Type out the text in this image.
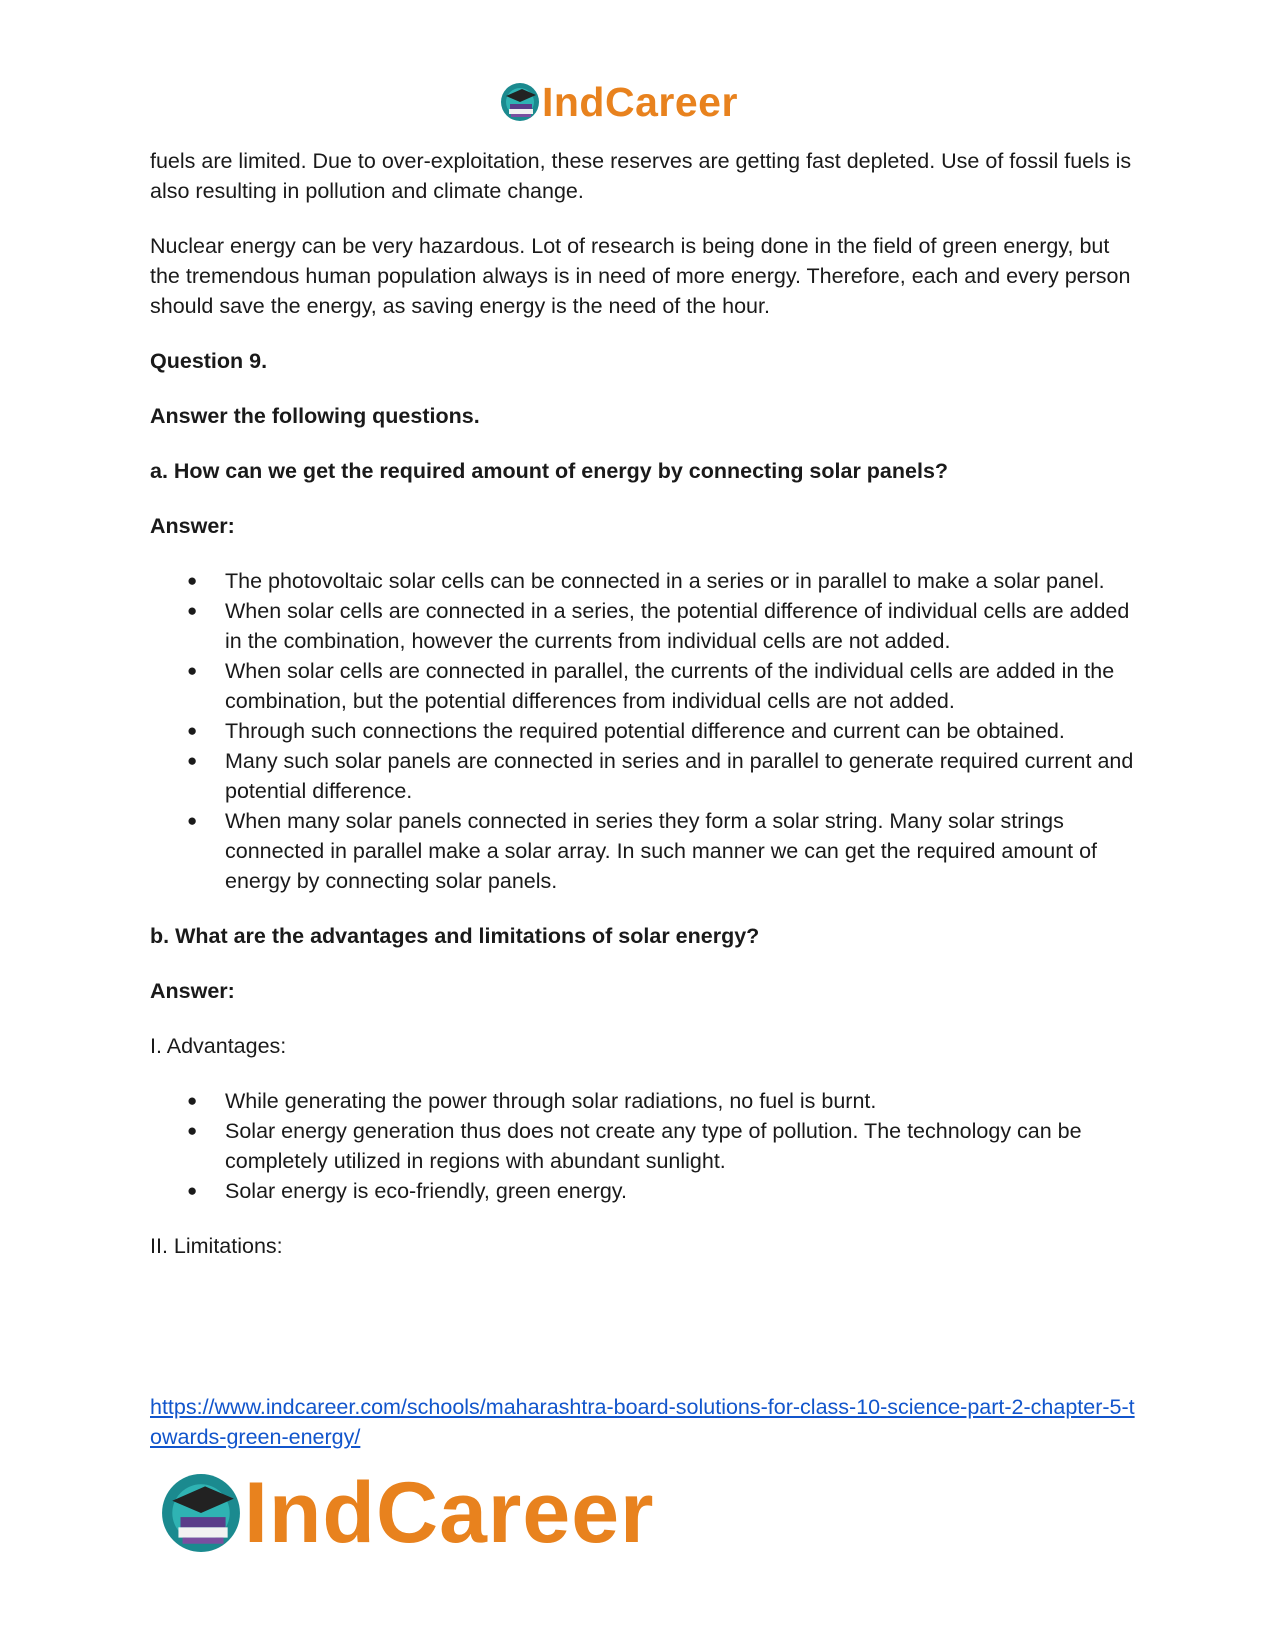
IndCareer

fuels are limited. Due to over-exploitation, these reserves are getting fast depleted. Use of fossil fuels is also resulting in pollution and climate change.

Nuclear energy can be very hazardous. Lot of research is being done in the field of green energy, but the tremendous human population always is in need of more energy. Therefore, each and every person should save the energy, as saving energy is the need of the hour.

Question 9.

Answer the following questions.

a. How can we get the required amount of energy by connecting solar panels?

Answer:

● The photovoltaic solar cells can be connected in a series or in parallel to make a solar panel.
● When solar cells are connected in a series, the potential difference of individual cells are added in the combination, however the currents from individual cells are not added.
● When solar cells are connected in parallel, the currents of the individual cells are added in the combination, but the potential differences from individual cells are not added.
● Through such connections the required potential difference and current can be obtained.
● Many such solar panels are connected in series and in parallel to generate required current and potential difference.
● When many solar panels connected in series they form a solar string. Many solar strings connected in parallel make a solar array. In such manner we can get the required amount of energy by connecting solar panels.

b. What are the advantages and limitations of solar energy?

Answer:

I. Advantages:

● While generating the power through solar radiations, no fuel is burnt.
● Solar energy generation thus does not create any type of pollution. The technology can be completely utilized in regions with abundant sunlight.
● Solar energy is eco-friendly, green energy.

II. Limitations:

https://www.indcareer.com/schools/maharashtra-board-solutions-for-class-10-science-part-2-chapter-5-towards-green-energy/
IndCareer
